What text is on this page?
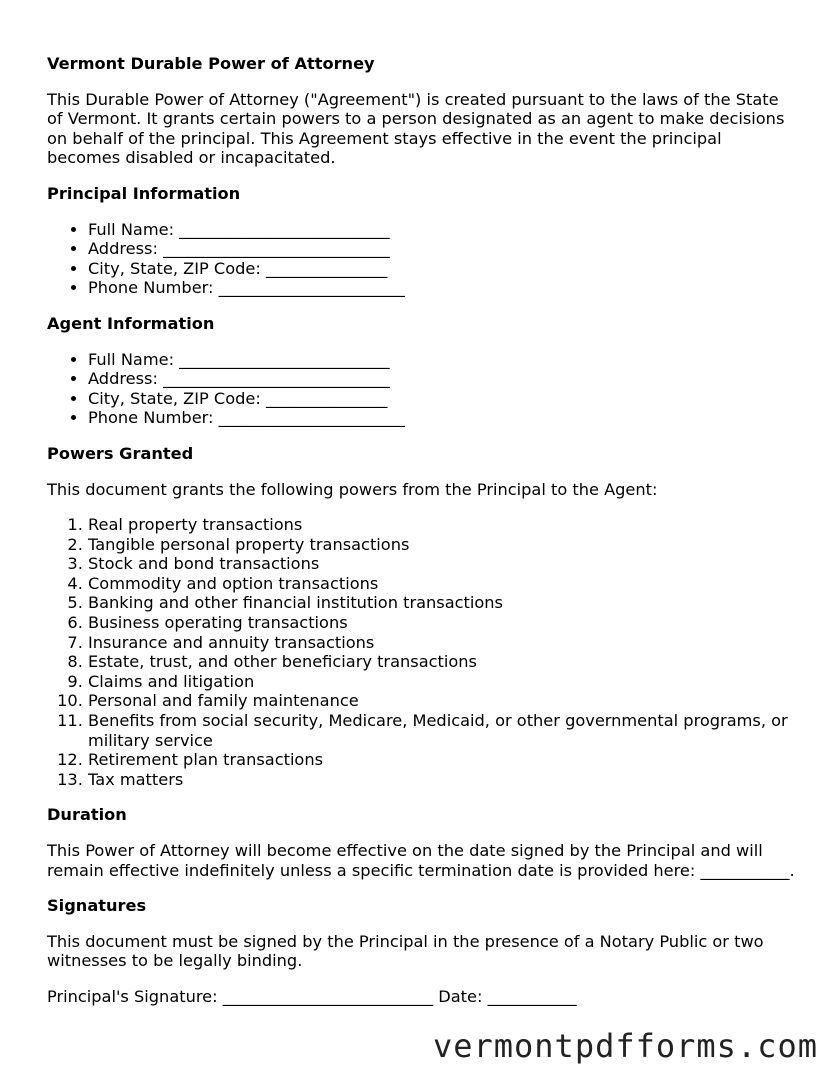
Vermont Durable Power of Attorney

This Durable Power of Attorney ("Agreement") is created pursuant to the laws of the State of Vermont. It grants certain powers to a person designated as an agent to make decisions on behalf of the principal. This Agreement stays effective in the event the principal becomes disabled or incapacitated.

Principal Information
• Full Name: __________________________
• Address: ____________________________
• City, State, ZIP Code: _______________
• Phone Number: _______________________
Agent Information
• Full Name: __________________________
• Address: ____________________________
• City, State, ZIP Code: _______________
• Phone Number: _______________________
Powers Granted

This document grants the following powers from the Principal to the Agent:

1. Real property transactions
2. Tangible personal property transactions
3. Stock and bond transactions
4. Commodity and option transactions
5. Banking and other financial institution transactions
6. Business operating transactions
7. Insurance and annuity transactions
8. Estate, trust, and other beneficiary transactions
9. Claims and litigation
10. Personal and family maintenance
11. Benefits from social security, Medicare, Medicaid, or other governmental programs, or military service
12. Retirement plan transactions
13. Tax matters
Duration

This Power of Attorney will become effective on the date signed by the Principal and will remain effective indefinitely unless a specific termination date is provided here: ___________.

Signatures

This document must be signed by the Principal in the presence of a Notary Public or two witnesses to be legally binding.

Principal's Signature: __________________________ Date: ___________

vermontpdfforms.com
